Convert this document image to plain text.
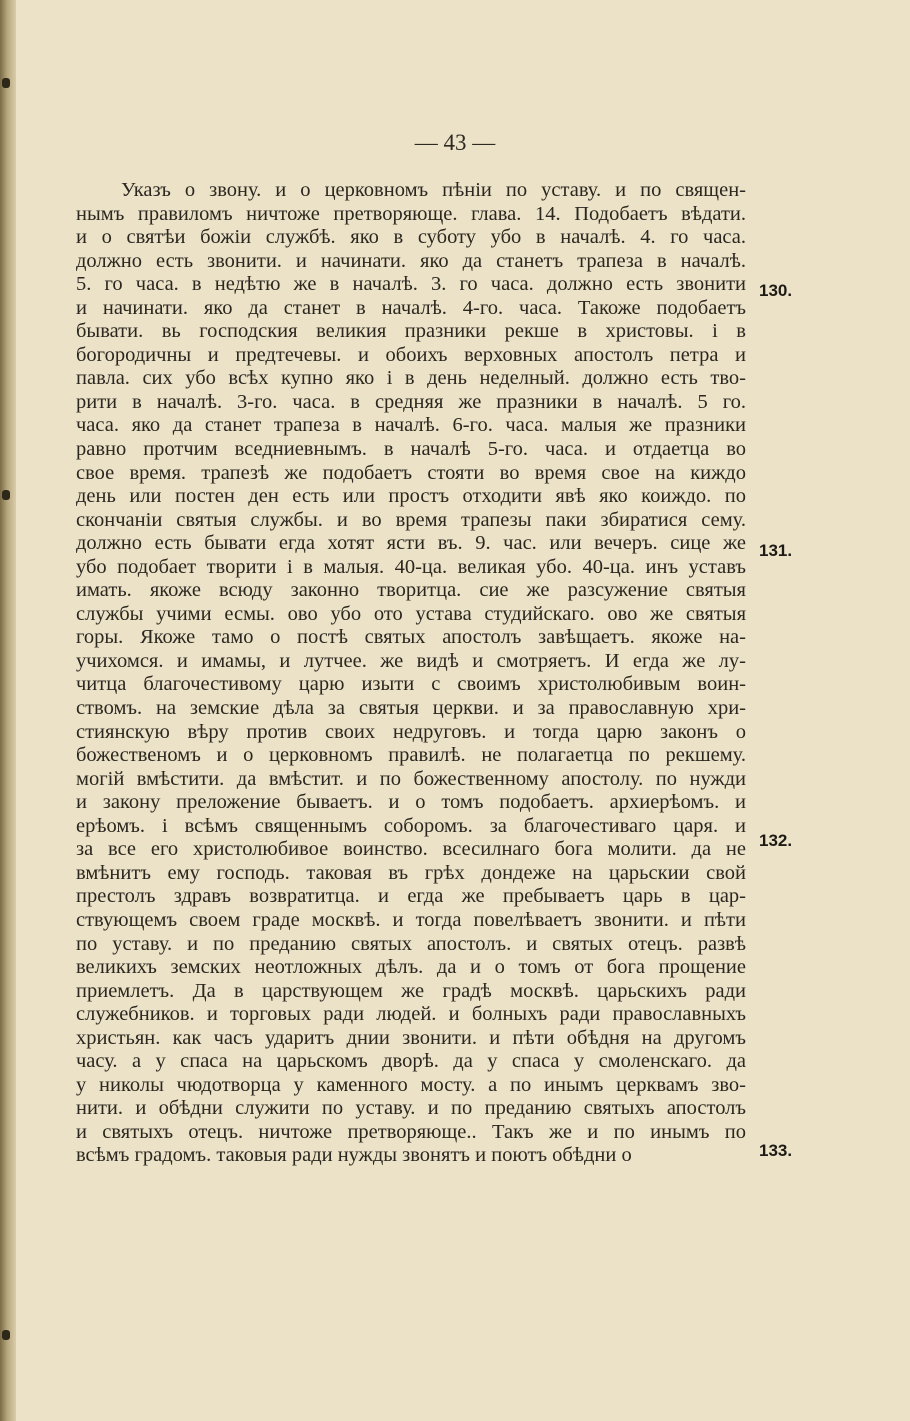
— 43 —
Указъ о звону. и о церковномъ пѣніи по уставу. и по священ-
нымъ правиломъ ничтоже претворяюще. глава. 14. Подобаетъ вѣдати.
и о святѣи божіи службѣ. яко в суботу убо в началѣ. 4. го часа.
должно есть звонити. и начинати. яко да станетъ трапеза в началѣ.
5. го часа. в недѣтю же в началѣ. 3. го часа. должно есть звонити
и начинати. яко да станет в началѣ. 4-го. часа. Такоже подобаетъ
бывати. вь господския великия празники рекше в христовы. і в
богородичны и предтечевы. и обоихъ верховных апостолъ петра и
павла. сих убо всѣх купно яко і в день неделный. должно есть тво-
рити в началѣ. 3-го. часа. в средняя же празники в началѣ. 5 го.
часа. яко да станет трапеза в началѣ. 6-го. часа. малыя же празники
равно протчим вседниевнымъ. в началѣ 5-го. часа. и отдаетца во
свое время. трапезѣ же подобаетъ стояти во время свое на киждо
день или постен ден есть или простъ отходити явѣ яко коиждо. по
скончаніи святыя службы. и во время трапезы паки збиратися сему.
должно есть бывати егда хотят ясти въ. 9. час. или вечеръ. сице же
убо подобает творити і в малыя. 40-ца. великая убо. 40-ца. инъ уставъ
имать. якоже всюду законно творитца. сие же разсужение святыя
службы учими есмы. ово убо ото устава студийскаго. ово же святыя
горы. Якоже тамо о постѣ святых апостолъ завѣщаетъ. якоже на-
учихомся. и имамы, и лутчее. же видѣ и смотряетъ. И егда же лу-
читца благочестивому царю изыти с своимъ христолюбивым воин-
ствомъ. на земские дѣла за святыя церкви. и за православную хри-
стиянскую вѣру против своих недруговъ. и тогда царю законъ о
божественомъ и о церковномъ правилѣ. не полагаетца по рекшему.
могій вмѣстити. да вмѣстит. и по божественному апостолу. по нужди
и закону преложение бываетъ. и о томъ подобаетъ. архиерѣомъ. и
ерѣомъ. і всѣмъ священнымъ соборомъ. за благочестиваго царя. и
за все его христолюбивое воинство. всесилнаго бога молити. да не
вмѣнитъ ему господь. таковая въ грѣх дондеже на царьскии свой
престолъ здравъ возвратитца. и егда же пребываетъ царь в цар-
ствующемъ своем граде москвѣ. и тогда повелѣваетъ звонити. и пѣти
по уставу. и по преданию святых апостолъ. и святых отецъ. развѣ
великихъ земских неотложных дѣлъ. да и о томъ от бога прощение
приемлетъ. Да в царствующем же градѣ москвѣ. царьскихъ ради
служебников. и торговых ради людей. и болныхъ ради православныхъ
христьян. как часъ ударитъ днии звонити. и пѣти обѣдня на другомъ
часу. а у спаса на царьскомъ дворѣ. да у спаса у смоленскаго. да
у николы чюдотворца у каменного мосту. а по инымъ церквамъ зво-
нити. и обѣдни служити по уставу. и по преданию святыхъ апостолъ
и святыхъ отецъ. ничтоже претворяюще.. Такъ же и по инымъ по
всѣмъ градомъ. таковыя ради нужды звонятъ и поютъ обѣдни о
130.
131.
132.
133.
